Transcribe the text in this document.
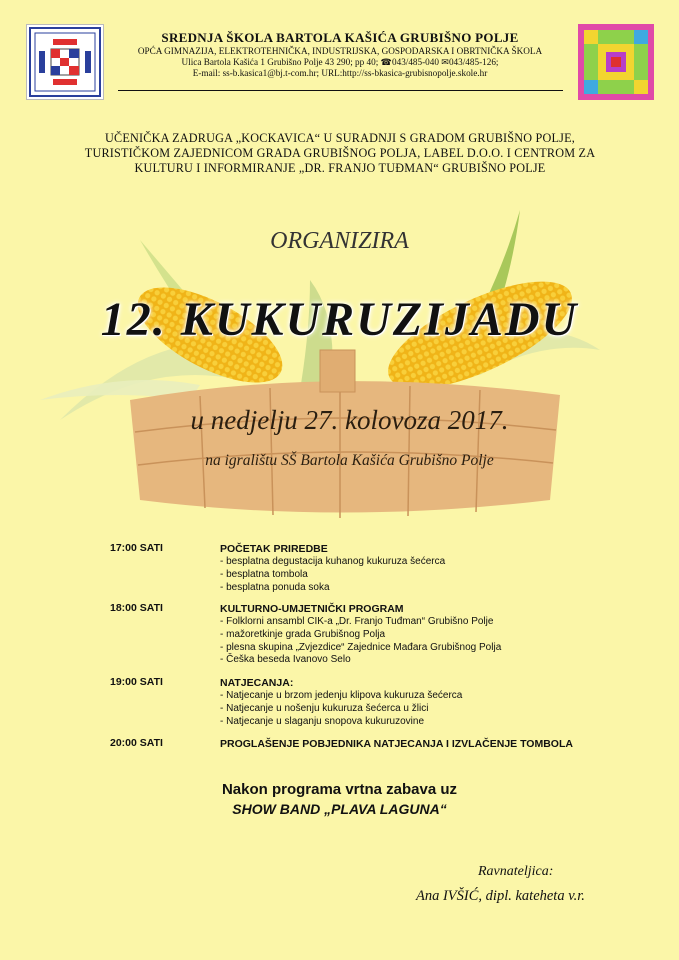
SREDNJA ŠKOLA BARTOLA KAŠIĆA GRUBIŠNO POLJE
OPĆA GIMNAZIJA, ELEKTROTEHNIČKA, INDUSTRIJSKA, GOSPODARSKA I OBRTNIČKA ŠKOLA
Ulica Bartola Kašića 1 Grubišno Polje 43 290; pp 40; ☎043/485-040 ✉043/485-126;
E-mail: ss-b.kasica1@bj.t-com.hr; URL:http://ss-bkasica-grubisnopolje.skole.hr
UČENIČKA ZADRUGA „KOCKAVICA“ U SURADNJI S GRADOM GRUBIŠNO POLJE,
TURISTIČKOM ZAJEDNICOM GRADA GRUBIŠNOG POLJA, LABEL D.O.O. I CENTROM ZA
KULTURU I INFORMIRANJE „DR. FRANJO TUĐMAN“ GRUBIŠNO POLJE
ORGANIZIRA
12. KUKURUZIJADU
u nedjelju 27. kolovoza 2017.
na igralištu SŠ Bartola Kašića Grubišno Polje
17:00 SATI	POČETAK PRIREDBE
- besplatna degustacija kuhanog kukuruza šećerca
- besplatna tombola
- besplatna ponuda soka
18:00 SATI	KULTURNO-UMJETNIČKI PROGRAM
- Folklorni ansambl CIK-a „Dr. Franjo Tuđman“ Grubišno Polje
- mažoretkinje grada Grubišnog Polja
- plesna skupina „Zvjezdice“ Zajednice Mađara Grubišnog Polja
- Češka beseda Ivanovo Selo
19:00 SATI	NATJECANJA:
- Natjecanje u brzom jedenju klipova kukuruza šećerca
- Natjecanje u nošenju kukuruza šećerca u žlici
- Natjecanje u slaganju snopova kukuruzovine
20:00 SATI	PROGLAŠENJE POBJEDNIKA NATJECANJA I IZVLAČENJE TOMBOLA
Nakon programa vrtna zabava uz
SHOW BAND „PLAVA LAGUNA“
Ravnateljica:
Ana IVŠIĆ, dipl. kateheta v.r.
